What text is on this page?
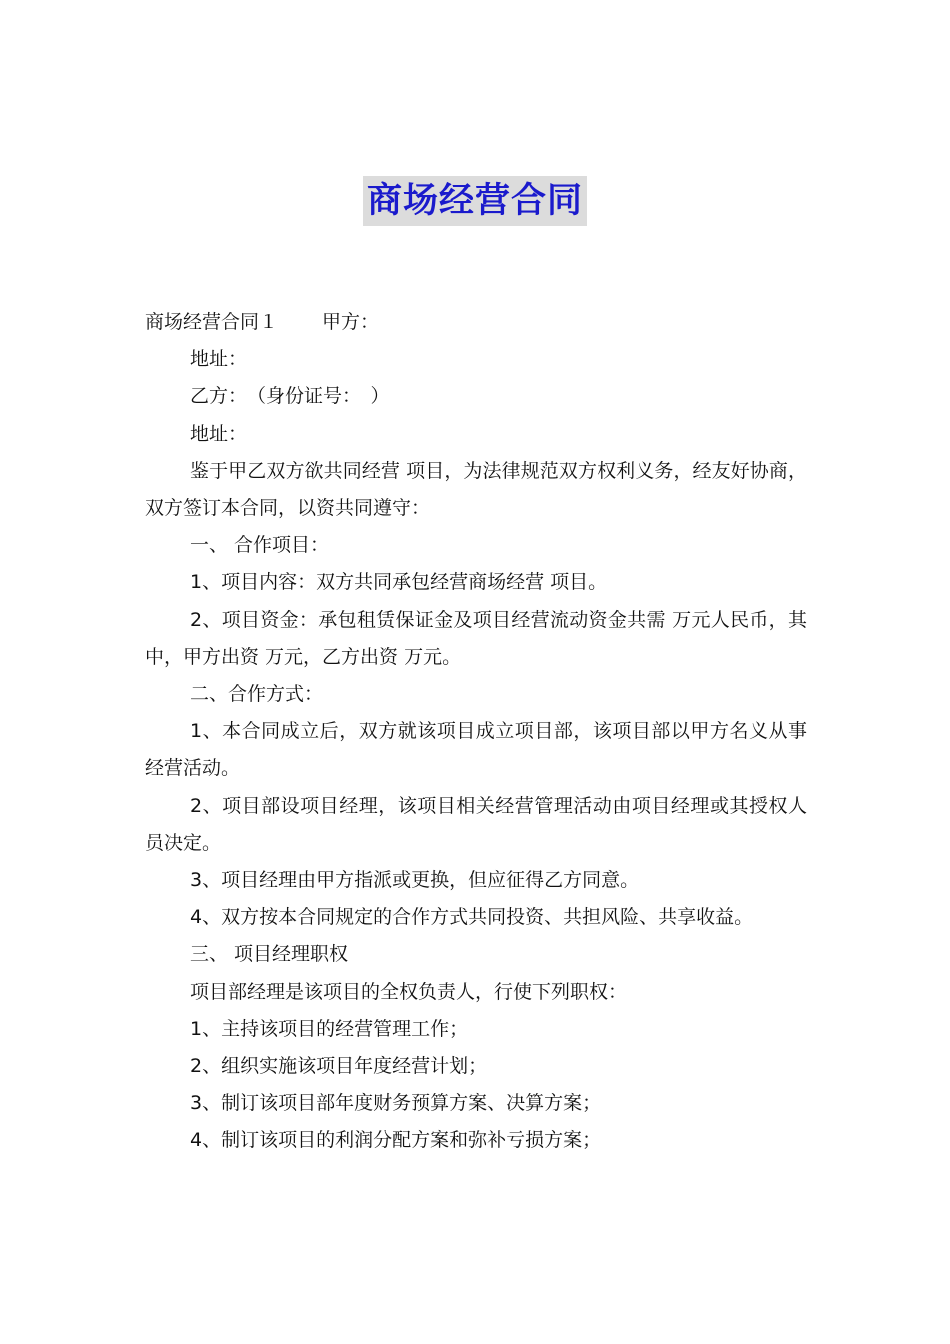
商场经营合同

商场经营合同１ 甲方：

地址：

乙方：　（身份证号：　）

地址：

鉴于甲乙双方欲共同经营 项目，为法律规范双方权利义务，经友好协商，双方签订本合同，以资共同遵守：

一、 合作项目：

1、项目内容：双方共同承包经营商场经营 项目。

2、项目资金：承包租赁保证金及项目经营流动资金共需 万元人民币，其中，甲方出资 万元，乙方出资 万元。

二、合作方式：

1、本合同成立后，双方就该项目成立项目部，该项目部以甲方名义从事经营活动。

2、项目部设项目经理，该项目相关经营管理活动由项目经理或其授权人员决定。

3、项目经理由甲方指派或更换，但应征得乙方同意。

4、双方按本合同规定的合作方式共同投资、共担风险、共享收益。

三、 项目经理职权

项目部经理是该项目的全权负责人，行使下列职权：

1、主持该项目的经营管理工作；

2、组织实施该项目年度经营计划；

3、制订该项目部年度财务预算方案、决算方案；

4、制订该项目的利润分配方案和弥补亏损方案；
